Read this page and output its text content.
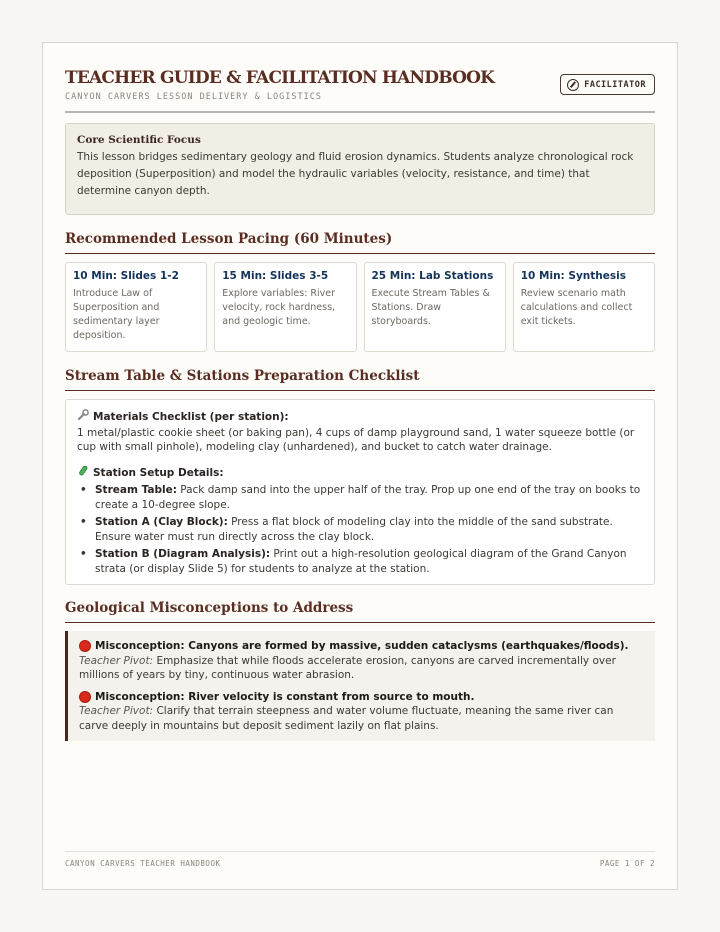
TEACHER GUIDE & FACILITATION HANDBOOK
CANYON CARVERS LESSON DELIVERY & LOGISTICS
FACILITATOR
Core Scientific Focus
This lesson bridges sedimentary geology and fluid erosion dynamics. Students analyze chronological rock deposition (Superposition) and model the hydraulic variables (velocity, resistance, and time) that determine canyon depth.
Recommended Lesson Pacing (60 Minutes)
10 Min: Slides 1-2
Introduce Law of Superposition and sedimentary layer deposition.
15 Min: Slides 3-5
Explore variables: River velocity, rock hardness, and geologic time.
25 Min: Lab Stations
Execute Stream Tables & Stations. Draw storyboards.
10 Min: Synthesis
Review scenario math calculations and collect exit tickets.
Stream Table & Stations Preparation Checklist
Materials Checklist (per station):
1 metal/plastic cookie sheet (or baking pan), 4 cups of damp playground sand, 1 water squeeze bottle (or cup with small pinhole), modeling clay (unhardened), and bucket to catch water drainage.
Station Setup Details:
• Stream Table: Pack damp sand into the upper half of the tray. Prop up one end of the tray on books to create a 10-degree slope.
• Station A (Clay Block): Press a flat block of modeling clay into the middle of the sand substrate. Ensure water must run directly across the clay block.
• Station B (Diagram Analysis): Print out a high-resolution geological diagram of the Grand Canyon strata (or display Slide 5) for students to analyze at the station.
Geological Misconceptions to Address
Misconception: Canyons are formed by massive, sudden cataclysms (earthquakes/floods).
Teacher Pivot: Emphasize that while floods accelerate erosion, canyons are carved incrementally over millions of years by tiny, continuous water abrasion.
Misconception: River velocity is constant from source to mouth.
Teacher Pivot: Clarify that terrain steepness and water volume fluctuate, meaning the same river can carve deeply in mountains but deposit sediment lazily on flat plains.
CANYON CARVERS TEACHER HANDBOOK	PAGE 1 OF 2
